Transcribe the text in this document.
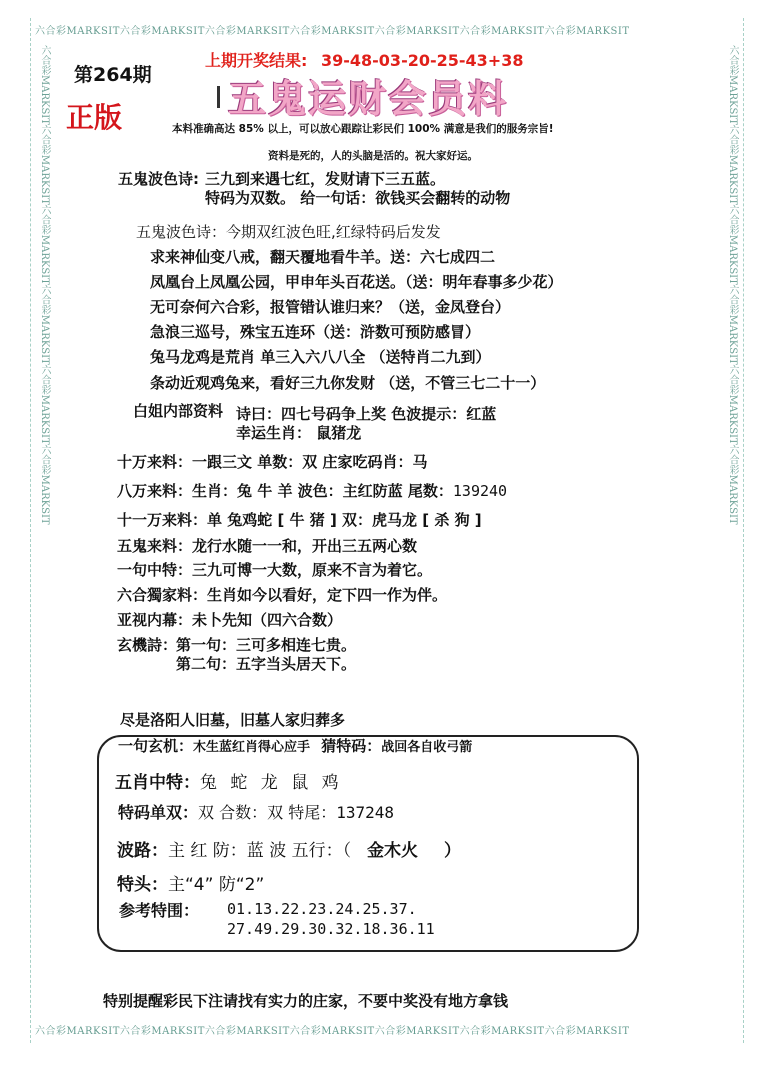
六合彩MARKSIT六合彩MARKSIT六合彩MARKSIT六合彩MARKSIT六合彩MARKSIT六合彩MARKSIT六合彩MARKSIT
六合彩MARKSIT六合彩MARKSIT六合彩MARKSIT六合彩MARKSIT六合彩MARKSIT六合彩MARKSIT六合彩MARKSIT
六合彩MARKSIT六合彩MARKSIT六合彩MARKSIT六合彩MARKSIT六合彩MARKSIT六合彩MARKSIT	六合彩MARKSIT六合彩MARKSIT六合彩MARKSIT六合彩MARKSIT六合彩MARKSIT六合彩MARKSIT
第264期
正版
上期开奖结果: 39-48-03-20-25-43+38
五鬼运财会员料
本料准确高达 85% 以上，可以放心跟踪让彩民们 100% 满意是我们的服务宗旨!
资料是死的，人的头脑是活的。祝大家好运。
五鬼波色诗: 三九到来遇七红，发财请下三五蓝。
特码为双数。 给一句话：欲钱买会翻转的动物
五鬼波色诗：今期双红波色旺,红绿特码后发发
求来神仙变八戒，翻天覆地看牛羊。送：六七成四二
凤凰台上凤凰公园，甲申年头百花送。（送：明年春事多少花）
无可奈何六合彩，报管错认谁归来？（送，金凤登台）
急浪三巡号，殊宝五连环（送：浒数可预防感冒）
兔马龙鸡是荒肖 单三入六八八全 （送特肖二九到）
条动近观鸡兔来，看好三九你发财 （送，不管三七二十一）
白姐内部资料 诗曰：四七号码争上奖 色波提示：红蓝
幸运生肖： 鼠猪龙
十万来料：一跟三文 单数：双 庄家吃码肖：马
八万来料：生肖：兔 牛 羊 波色：主红防蓝 尾数：139240
十一万来料：单 兔鸡蛇 [ 牛 猪 ] 双：虎马龙 [ 杀 狗 ]
五鬼来料：龙行水随一一和，开出三五两心数
一句中特：三九可博一大数，原来不言为着它。
六合獨家料：生肖如今以看好，定下四一作为伴。
亚视内幕：未卜先知（四六合数）
玄機詩：
第一句：三可多相连七贵。
第二句：五字当头居天下。
尽是洛阳人旧墓，旧墓人家归葬多
一句玄机：木生蓝红肖得心应手 猜特码：战回各自收弓箭
五肖中特：兔 蛇 龙 鼠 鸡
特码单双：双 合数：双 特尾：137248
波路：主 红 防：蓝 波 五行：（ 金木火 ）
特头：主“4” 防“2”
参考特围： 01.13.22.23.24.25.37.
27.49.29.30.32.18.36.11
特别提醒彩民下注请找有实力的庄家，不要中奖没有地方拿钱
